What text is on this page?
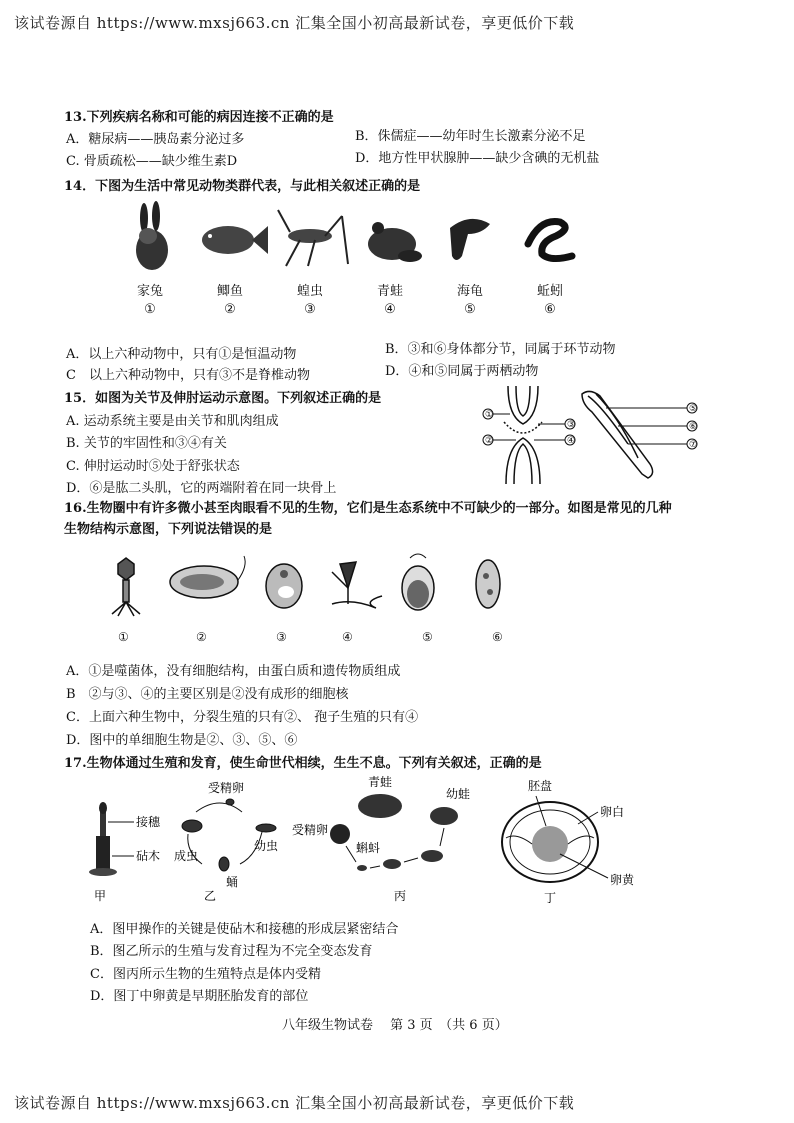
该试卷源自 https://www.mxsj663.cn 汇集全国小初高最新试卷，享更低价下载
13.下列疾病名称和可能的病因连接不正确的是
A．糖尿病——胰岛素分泌过多	B．侏儒症——幼年时生长激素分泌不足
C. 骨质疏松——缺少维生素D	D．地方性甲状腺肿——缺少含碘的无机盐
14．下图为生活中常见动物类群代表，与此相关叙述正确的是
家兔
①
鲫鱼
②
蝗虫
③
青蛙
④
海龟
⑤
蚯蚓
⑥
A．以上六种动物中，只有①是恒温动物	B．③和⑥身体都分节，同属于环节动物
C　以上六种动物中，只有③不是脊椎动物	D．④和⑤同属于两栖动物
15．如图为关节及伸肘运动示意图。下列叙述正确的是
A. 运动系统主要是由关节和肌肉组成
B. 关节的牢固性和③④有关
C. 伸肘运动时⑤处于舒张状态
D．⑥是肱二头肌，它的两端附着在同一块骨上
①
②
③
④
⑤
⑥
⑦
16.生物圈中有许多微小甚至肉眼看不见的生物，它们是生态系统中不可缺少的一部分。如图是常见的几种
生物结构示意图，下列说法错误的是
①	②	③	④	⑤	⑥
A．①是噬菌体，没有细胞结构，由蛋白质和遗传物质组成
B　②与③、④的主要区别是②没有成形的细胞核
C．上面六种生物中，分裂生殖的只有②、 孢子生殖的只有④
D．图中的单细胞生物是②、③、⑤、⑥
17.生物体通过生殖和发育，使生命世代相续，生生不息。下列有关叙述，正确的是
接穗
砧木
甲
受精卵
幼虫
蛹
成虫
乙
青蛙
幼蛙
受精卵
蝌蚪
丙
胚盘
卵白
卵黄
丁
A．图甲操作的关键是使砧木和接穗的形成层紧密结合
B．图乙所示的生殖与发育过程为不完全变态发育
C．图丙所示生物的生殖特点是体内受精
D．图丁中卵黄是早期胚胎发育的部位
八年级生物试卷　 第 3 页　（共 6 页）
该试卷源自 https://www.mxsj663.cn 汇集全国小初高最新试卷，享更低价下载
